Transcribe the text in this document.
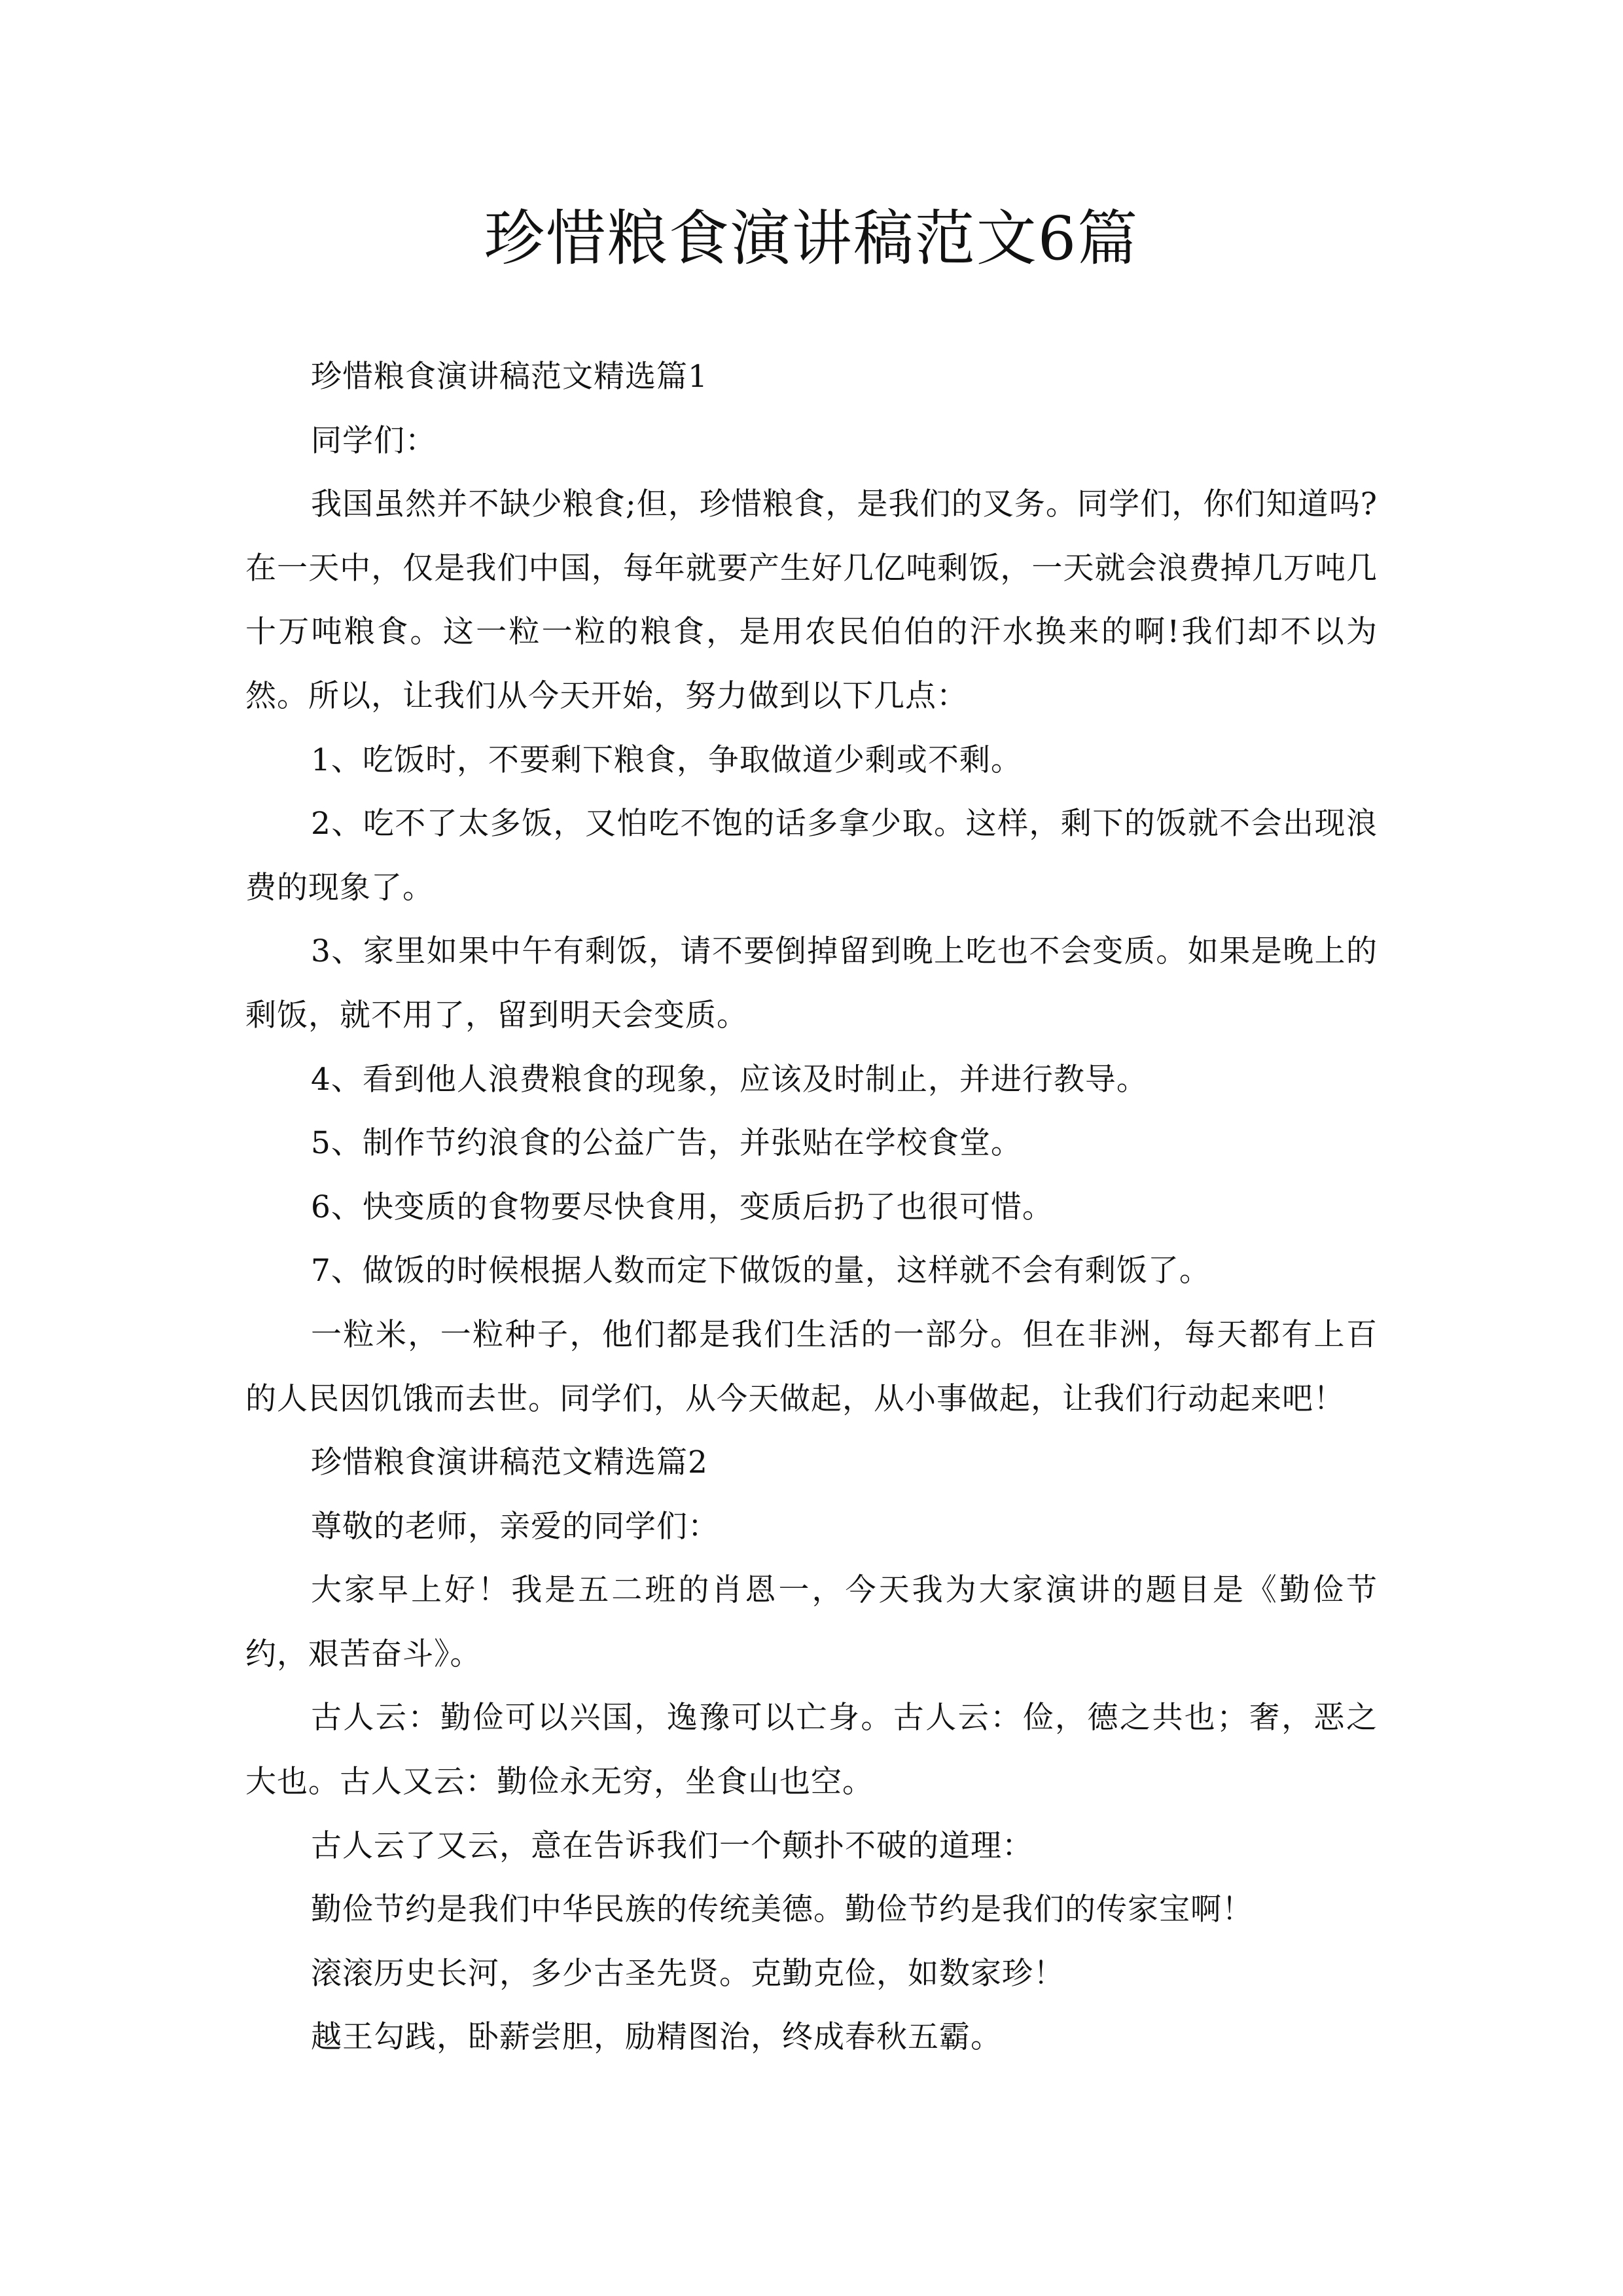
珍惜粮食演讲稿范文6篇

珍惜粮食演讲稿范文精选篇1

同学们：

我国虽然并不缺少粮食;但，珍惜粮食，是我们的叉务。同学们，你们知道吗?在一天中，仅是我们中国，每年就要产生好几亿吨剩饭，一天就会浪费掉几万吨几十万吨粮食。这一粒一粒的粮食，是用农民伯伯的汗水换来的啊!我们却不以为然。所以，让我们从今天开始，努力做到以下几点：

1、吃饭时，不要剩下粮食，争取做道少剩或不剩。

2、吃不了太多饭，又怕吃不饱的话多拿少取。这样，剩下的饭就不会出现浪费的现象了。

3、家里如果中午有剩饭，请不要倒掉留到晚上吃也不会变质。如果是晚上的剩饭，就不用了，留到明天会变质。

4、看到他人浪费粮食的现象，应该及时制止，并进行教导。

5、制作节约浪食的公益广告，并张贴在学校食堂。

6、快变质的食物要尽快食用，变质后扔了也很可惜。

7、做饭的时候根据人数而定下做饭的量，这样就不会有剩饭了。

一粒米，一粒种子，他们都是我们生活的一部分。但在非洲，每天都有上百的人民因饥饿而去世。同学们，从今天做起，从小事做起，让我们行动起来吧！

珍惜粮食演讲稿范文精选篇2

尊敬的老师，亲爱的同学们：

大家早上好！我是五二班的肖恩一，今天我为大家演讲的题目是《勤俭节约，艰苦奋斗》。

古人云：勤俭可以兴国，逸豫可以亡身。古人云：俭，德之共也；奢，恶之大也。古人又云：勤俭永无穷，坐食山也空。

古人云了又云，意在告诉我们一个颠扑不破的道理：

勤俭节约是我们中华民族的传统美德。勤俭节约是我们的传家宝啊！

滚滚历史长河，多少古圣先贤。克勤克俭，如数家珍！

越王勾践，卧薪尝胆，励精图治，终成春秋五霸。
